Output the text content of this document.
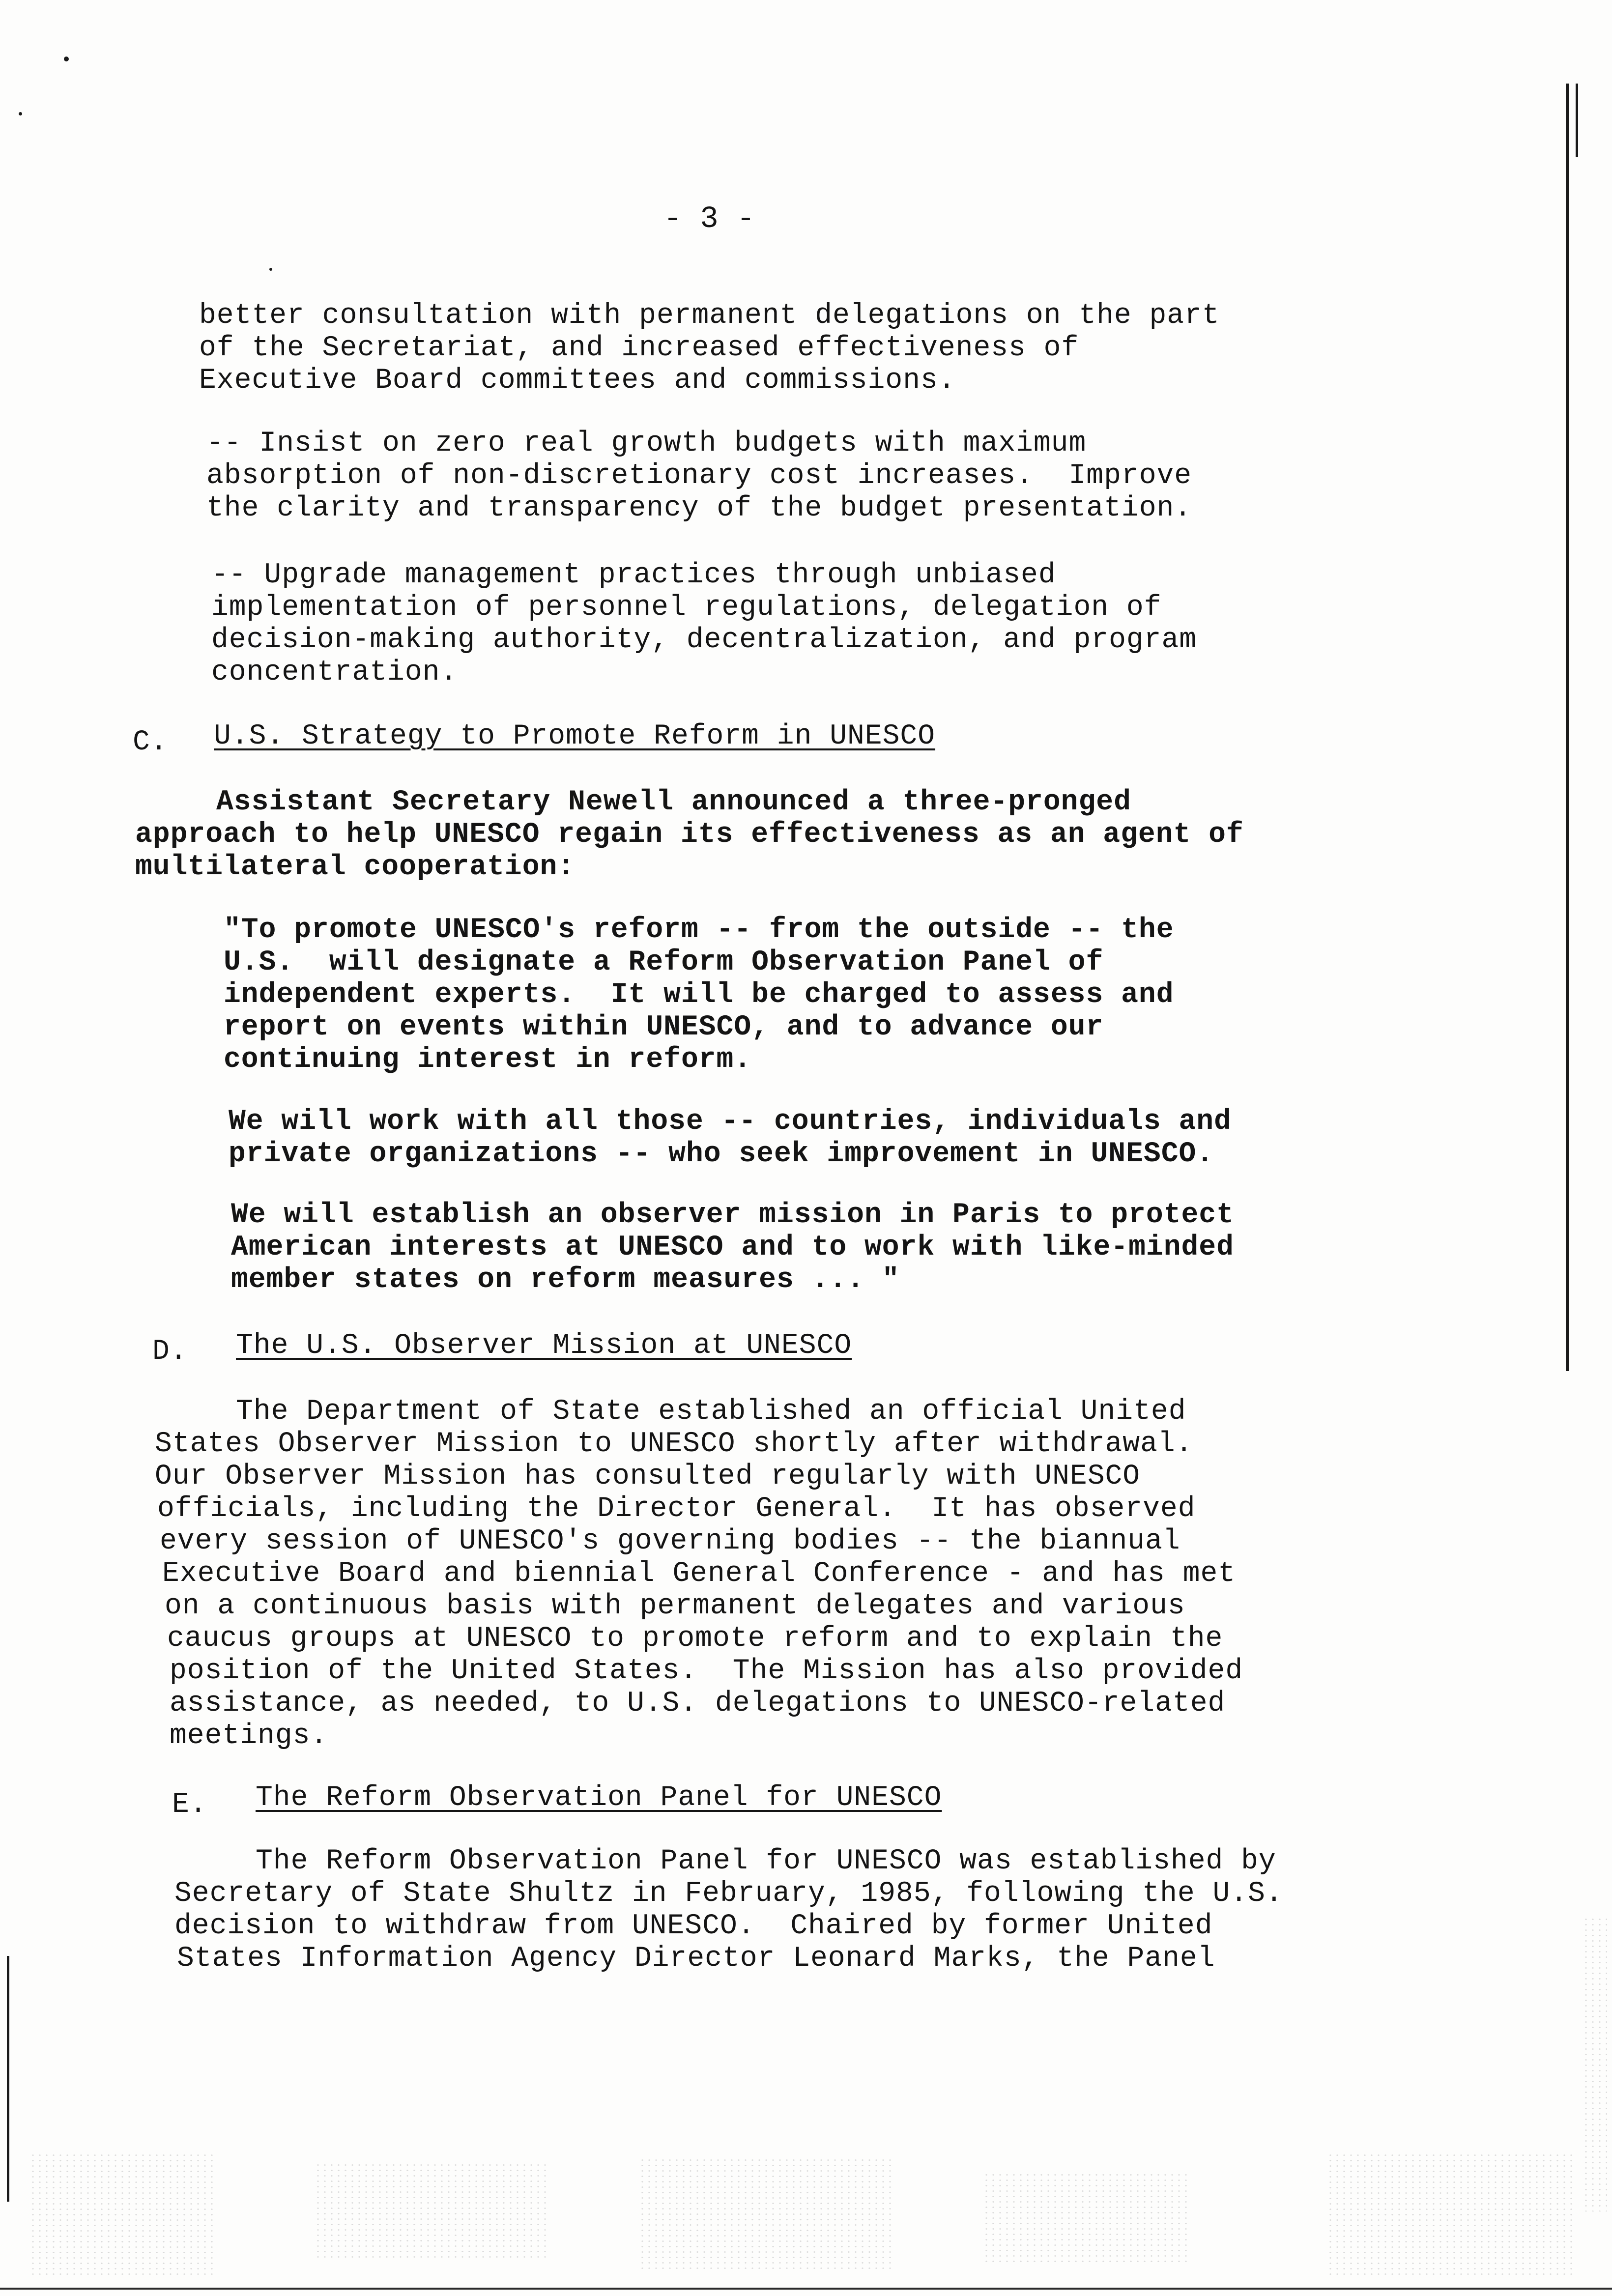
- 3 -
better consultation with permanent delegations on the part
of the Secretariat, and increased effectiveness of
Executive Board committees and commissions.
-- Insist on zero real growth budgets with maximum
absorption of non-discretionary cost increases.  Improve
the clarity and transparency of the budget presentation.
-- Upgrade management practices through unbiased
implementation of personnel regulations, delegation of
decision-making authority, decentralization, and program
concentration.
C. U.S. Strategy to Promote Reform in UNESCO
Assistant Secretary Newell announced a three-pronged
approach to help UNESCO regain its effectiveness as an agent of
multilateral cooperation:
"To promote UNESCO's reform -- from the outside -- the
U.S.  will designate a Reform Observation Panel of
independent experts.  It will be charged to assess and
report on events within UNESCO, and to advance our
continuing interest in reform.
We will work with all those -- countries, individuals and
private organizations -- who seek improvement in UNESCO.
We will establish an observer mission in Paris to protect
American interests at UNESCO and to work with like-minded
member states on reform measures ... "
D. The U.S. Observer Mission at UNESCO
The Department of State established an official United
States Observer Mission to UNESCO shortly after withdrawal.
Our Observer Mission has consulted regularly with UNESCO
officials, including the Director General.  It has observed
every session of UNESCO's governing bodies -- the biannual
Executive Board and biennial General Conference - and has met
on a continuous basis with permanent delegates and various
caucus groups at UNESCO to promote reform and to explain the
position of the United States.  The Mission has also provided
assistance, as needed, to U.S. delegations to UNESCO-related
meetings.
E. The Reform Observation Panel for UNESCO
The Reform Observation Panel for UNESCO was established by
Secretary of State Shultz in February, 1985, following the U.S.
decision to withdraw from UNESCO.  Chaired by former United
States Information Agency Director Leonard Marks, the Panel
